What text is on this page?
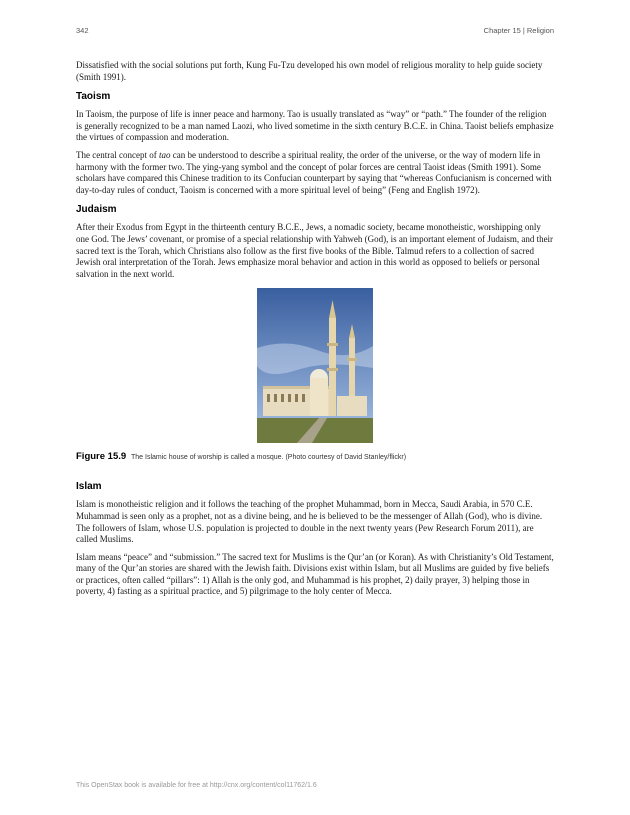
342	Chapter 15 | Religion

Dissatisfied with the social solutions put forth, Kung Fu-Tzu developed his own model of religious morality to help guide society (Smith 1991).

Taoism

In Taoism, the purpose of life is inner peace and harmony. Tao is usually translated as “way” or “path.” The founder of the religion is generally recognized to be a man named Laozi, who lived sometime in the sixth century B.C.E. in China. Taoist beliefs emphasize the virtues of compassion and moderation.

The central concept of tao can be understood to describe a spiritual reality, the order of the universe, or the way of modern life in harmony with the former two. The ying-yang symbol and the concept of polar forces are central Taoist ideas (Smith 1991). Some scholars have compared this Chinese tradition to its Confucian counterpart by saying that “whereas Confucianism is concerned with day-to-day rules of conduct, Taoism is concerned with a more spiritual level of being” (Feng and English 1972).

Judaism

After their Exodus from Egypt in the thirteenth century B.C.E., Jews, a nomadic society, became monotheistic, worshipping only one God. The Jews’ covenant, or promise of a special relationship with Yahweh (God), is an important element of Judaism, and their sacred text is the Torah, which Christians also follow as the first five books of the Bible. Talmud refers to a collection of sacred Jewish oral interpretation of the Torah. Jews emphasize moral behavior and action in this world as opposed to beliefs or personal salvation in the next world.

Figure 15.9 The Islamic house of worship is called a mosque. (Photo courtesy of David Stanley/flickr)
Islam

Islam is monotheistic religion and it follows the teaching of the prophet Muhammad, born in Mecca, Saudi Arabia, in 570 C.E. Muhammad is seen only as a prophet, not as a divine being, and he is believed to be the messenger of Allah (God), who is divine. The followers of Islam, whose U.S. population is projected to double in the next twenty years (Pew Research Forum 2011), are called Muslims.

Islam means “peace” and “submission.” The sacred text for Muslims is the Qur’an (or Koran). As with Christianity’s Old Testament, many of the Qur’an stories are shared with the Jewish faith. Divisions exist within Islam, but all Muslims are guided by five beliefs or practices, often called “pillars”: 1) Allah is the only god, and Muhammad is his prophet, 2) daily prayer, 3) helping those in poverty, 4) fasting as a spiritual practice, and 5) pilgrimage to the holy center of Mecca.

This OpenStax book is available for free at http://cnx.org/content/col11762/1.6
